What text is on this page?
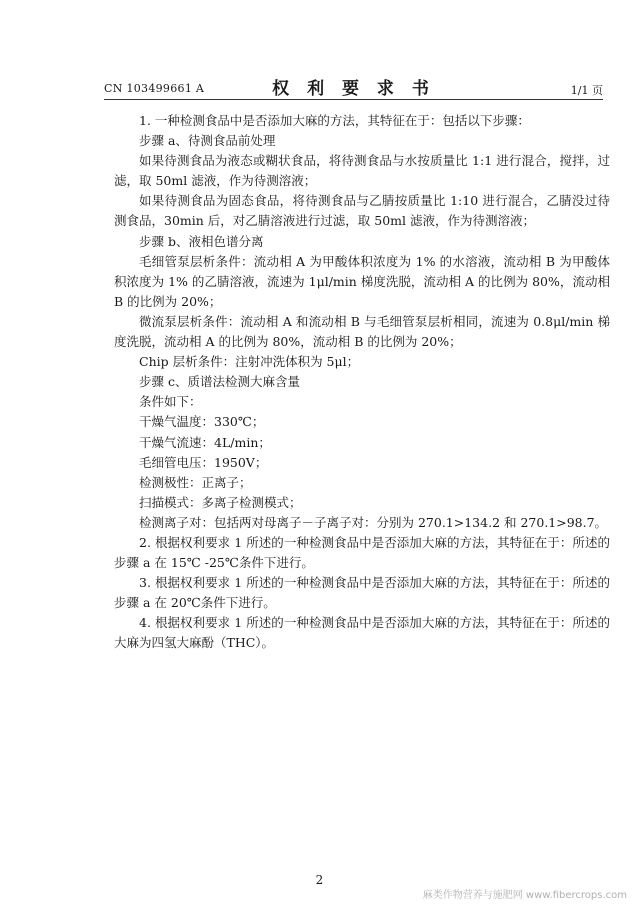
CN 103499661 A	权 利 要 求 书	1/1 页

1. 一种检测食品中是否添加大麻的方法，其特征在于：包括以下步骤：

步骤 a、待测食品前处理

如果待测食品为液态或糊状食品，将待测食品与水按质量比 1:1 进行混合，搅拌，过滤，取 50ml 滤液，作为待测溶液；

如果待测食品为固态食品，将待测食品与乙腈按质量比 1:10 进行混合，乙腈没过待测食品，30min 后，对乙腈溶液进行过滤，取 50ml 滤液，作为待测溶液；

步骤 b、液相色谱分离

毛细管泵层析条件：流动相 A 为甲酸体积浓度为 1% 的水溶液，流动相 B 为甲酸体积浓度为 1% 的乙腈溶液，流速为 1μl/min 梯度洗脱，流动相 A 的比例为 80%，流动相 B 的比例为 20%；

微流泵层析条件：流动相 A 和流动相 B 与毛细管泵层析相同，流速为 0.8μl/min 梯度洗脱，流动相 A 的比例为 80%，流动相 B 的比例为 20%；

Chip 层析条件：注射冲洗体积为 5μl；

步骤 c、质谱法检测大麻含量

条件如下：

干燥气温度：330℃；

干燥气流速：4L/min；

毛细管电压：1950V；

检测极性：正离子；

扫描模式：多离子检测模式；

检测离子对：包括两对母离子－子离子对：分别为 270.1>134.2 和 270.1>98.7。

2. 根据权利要求 1 所述的一种检测食品中是否添加大麻的方法，其特征在于：所述的步骤 a 在 15℃ -25℃条件下进行。

3. 根据权利要求 1 所述的一种检测食品中是否添加大麻的方法，其特征在于：所述的步骤 a 在 20℃条件下进行。

4. 根据权利要求 1 所述的一种检测食品中是否添加大麻的方法，其特征在于：所述的大麻为四氢大麻酚（THC）。

2
麻类作物营养与施肥网 www.fibercrops.com
